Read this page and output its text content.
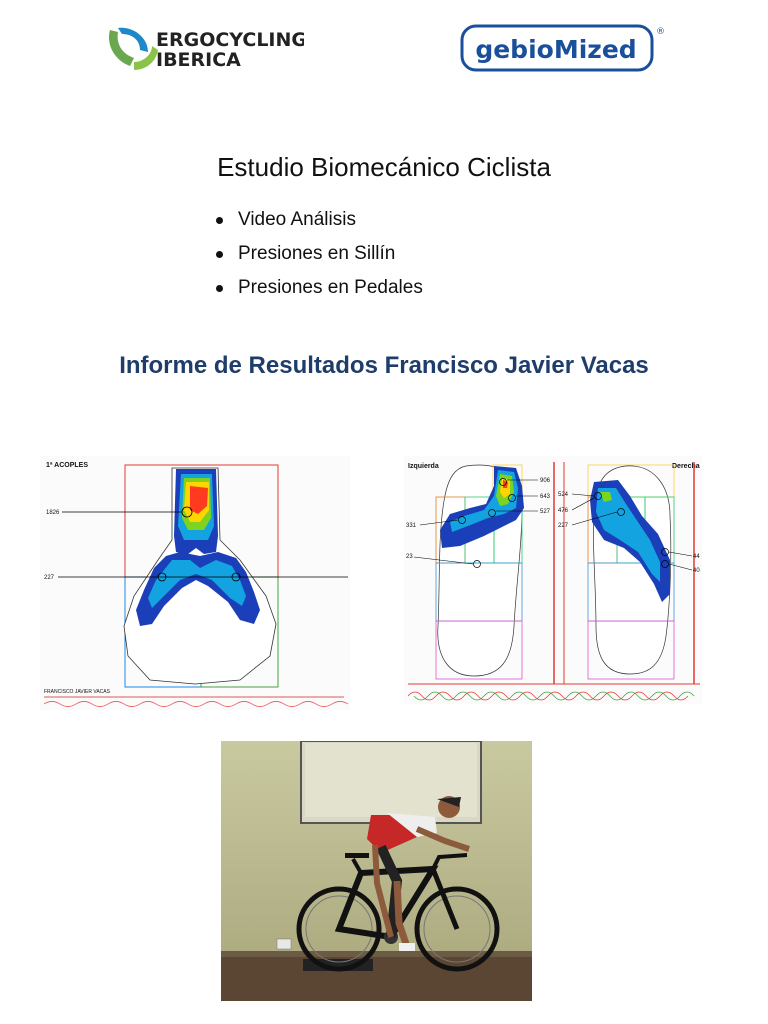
ERGOCYCLING
IBERICA	gebioMized
®
Estudio Biomecánico Ciclista
Video Análisis
Presiones en Sillín
Presiones en Pedales
Informe de Resultados Francisco Javier Vacas
1ª ACOPLES
1826
227
FRANCISCO JAVIER VACAS
Izquierda	Derecha
906
643
527
331
23
524
476
227
44
40
